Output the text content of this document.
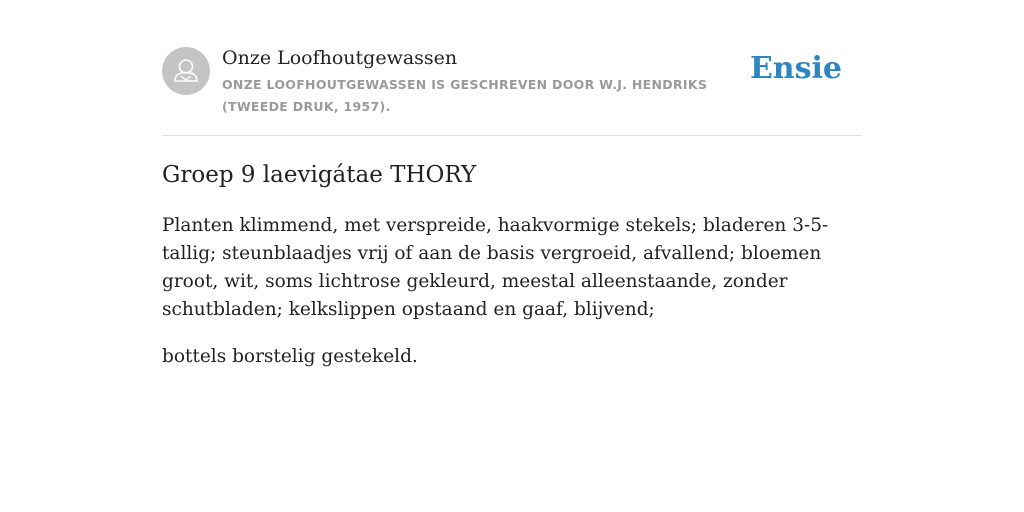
Onze Loofhoutgewassen
ONZE LOOFHOUTGEWASSEN IS GESCHREVEN DOOR W.J. HENDRIKS (TWEEDE DRUK, 1957).
Ensie
Groep 9 laevigátae THORY

Planten klimmend, met verspreide, haakvormige stekels; bladeren 3-5-tallig; steunblaadjes vrij of aan de basis vergroeid, afvallend; bloemen groot, wit, soms lichtrose gekleurd, meestal alleenstaande, zonder schutbladen; kelkslippen opstaand en gaaf, blijvend;

bottels borstelig gestekeld.
